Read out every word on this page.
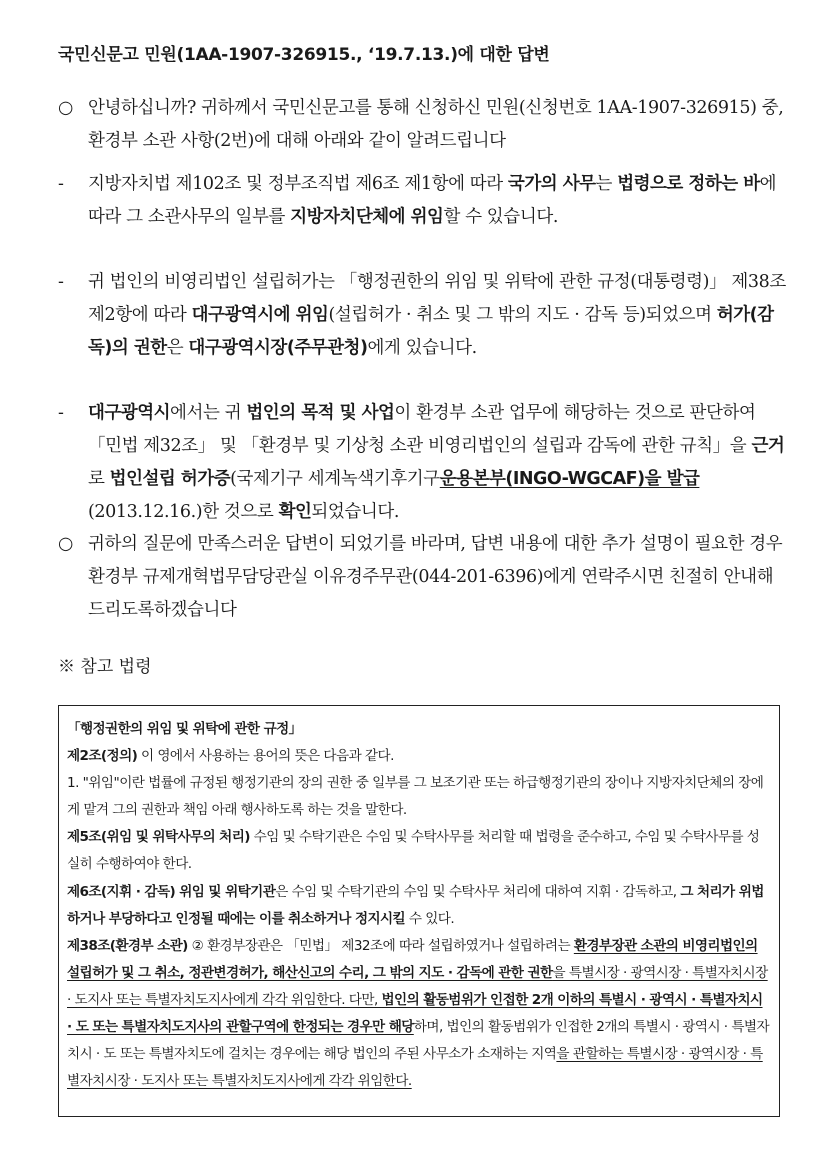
국민신문고 민원(1AA-1907-326915., ‘19.7.13.)에 대한 답변
○ 안녕하십니까? 귀하께서 국민신문고를 통해 신청하신 민원(신청번호 1AA-1907-326915) 중, 환경부 소관 사항(2번)에 대해 아래와 같이 알려드립니다
-	지방자치법 제102조 및 정부조직법 제6조 제1항에 따라 국가의 사무는 법령으로 정하는 바에 따라 그 소관사무의 일부를 지방자치단체에 위임할 수 있습니다.
-	귀 법인의 비영리법인 설립허가는 「행정권한의 위임 및 위탁에 관한 규정(대통령령)」 제38조 제2항에 따라 대구광역시에 위임(설립허가 · 취소 및 그 밖의 지도 · 감독 등)되었으며 허가(감독)의 권한은 대구광역시장(주무관청)에게 있습니다.
-	대구광역시에서는 귀 법인의 목적 및 사업이 환경부 소관 업무에 해당하는 것으로 판단하여 「민법 제32조」 및 「환경부 및 기상청 소관 비영리법인의 설립과 감독에 관한 규칙」을 근거로 법인설립 허가증(국제기구 세계녹색기후기구운용본부(INGO-WGCAF)을 발급(2013.12.16.)한 것으로 확인되었습니다.
○ 귀하의 질문에 만족스러운 답변이 되었기를 바라며, 답변 내용에 대한 추가 설명이 필요한 경우 환경부 규제개혁법무담당관실 이유경주무관(044-201-6396)에게 연락주시면 친절히 안내해 드리도록하겠습니다
※ 참고 법령

「행정권한의 위임 및 위탁에 관한 규정」

제2조(정의) 이 영에서 사용하는 용어의 뜻은 다음과 같다.

1. "위임"이란 법률에 규정된 행정기관의 장의 권한 중 일부를 그 보조기관 또는 하급행정기관의 장이나 지방자치단체의 장에게 맡겨 그의 권한과 책임 아래 행사하도록 하는 것을 말한다.

제5조(위임 및 위탁사무의 처리) 수임 및 수탁기관은 수임 및 수탁사무를 처리할 때 법령을 준수하고, 수임 및 수탁사무를 성실히 수행하여야 한다.

제6조(지휘 · 감독) 위임 및 위탁기관은 수임 및 수탁기관의 수임 및 수탁사무 처리에 대하여 지휘 · 감독하고, 그 처리가 위법하거나 부당하다고 인정될 때에는 이를 취소하거나 정지시킬 수 있다.

제38조(환경부 소관) ② 환경부장관은 「민법」 제32조에 따라 설립하였거나 설립하려는 환경부장관 소관의 비영리법인의 설립허가 및 그 취소, 정관변경허가, 해산신고의 수리, 그 밖의 지도 · 감독에 관한 권한을 특별시장 · 광역시장 · 특별자치시장 · 도지사 또는 특별자치도지사에게 각각 위임한다. 다만, 법인의 활동범위가 인접한 2개 이하의 특별시 · 광역시 · 특별자치시 · 도 또는 특별자치도지사의 관할구역에 한정되는 경우만 해당하며, 법인의 활동범위가 인접한 2개의 특별시 · 광역시 · 특별자치시 · 도 또는 특별자치도에 걸치는 경우에는 해당 법인의 주된 사무소가 소재하는 지역을 관할하는 특별시장 · 광역시장 · 특별자치시장 · 도지사 또는 특별자치도지사에게 각각 위임한다.
